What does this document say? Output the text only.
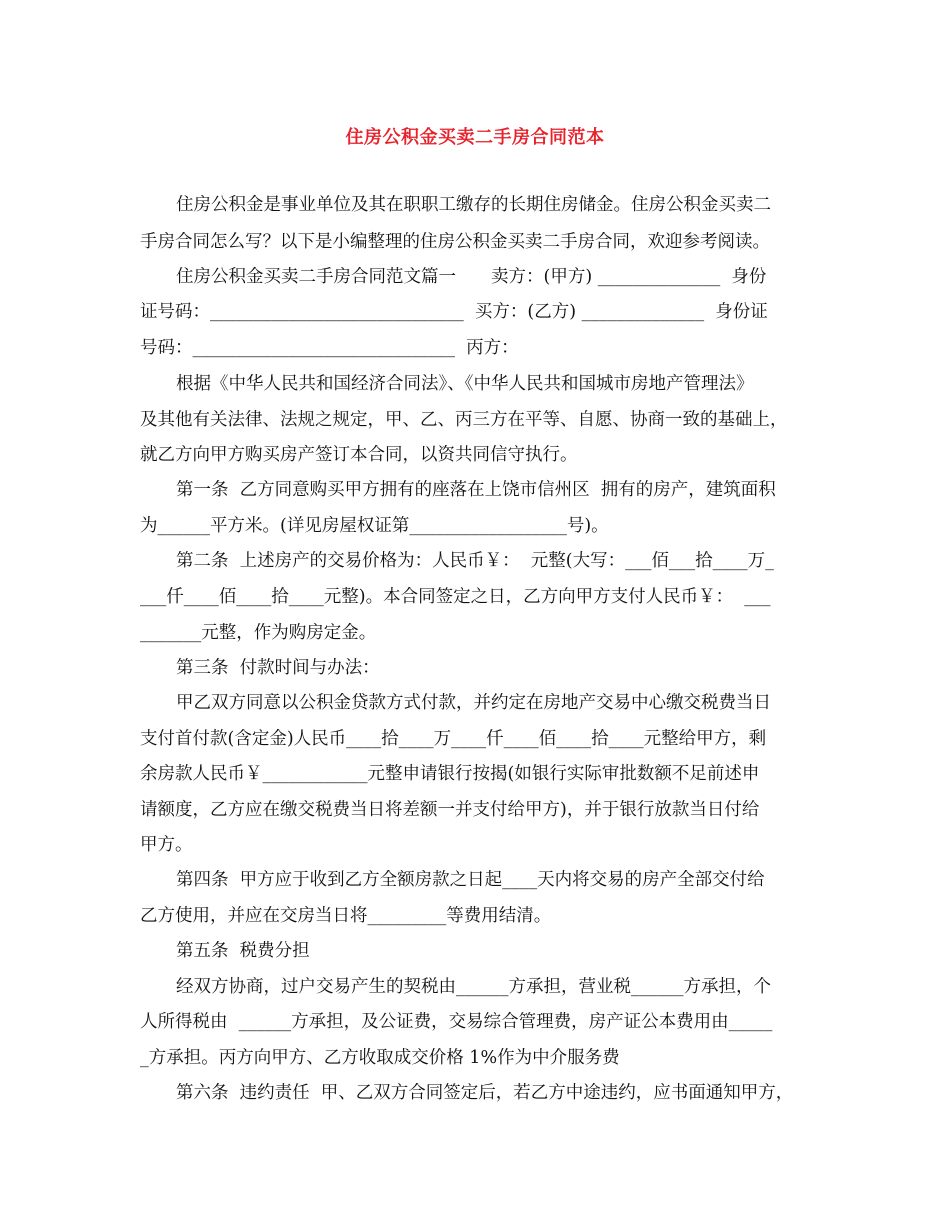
住房公积金买卖二手房合同范本
住房公积金是事业单位及其在职职工缴存的长期住房储金。住房公积金买卖二
手房合同怎么写？以下是小编整理的住房公积金买卖二手房合同，欢迎参考阅读。
住房公积金买卖二手房合同范文篇一　　卖方：(甲方) ______________  身份
证号码：_____________________________  买方：(乙方) ______________  身份证
号码：______________________________  丙方：
根据《中华人民共和国经济合同法》、《中华人民共和国城市房地产管理法》
及其他有关法律、法规之规定，甲、乙、丙三方在平等、自愿、协商一致的基础上，
就乙方向甲方购买房产签订本合同，以资共同信守执行。
第一条  乙方同意购买甲方拥有的座落在上饶市信州区  拥有的房产，建筑面积
为______平方米。(详见房屋权证第__________________号)。
第二条  上述房产的交易价格为：人民币￥：  元整(大写：___佰___拾____万_
___仟____佰____拾____元整)。本合同签定之日，乙方向甲方支付人民币￥：  ___
_______元整，作为购房定金。
第三条  付款时间与办法：
甲乙双方同意以公积金贷款方式付款，并约定在房地产交易中心缴交税费当日
支付首付款(含定金)人民币____拾____万____仟____佰____拾____元整给甲方，剩
余房款人民币￥____________元整申请银行按揭(如银行实际审批数额不足前述申
请额度，乙方应在缴交税费当日将差额一并支付给甲方)，并于银行放款当日付给
甲方。
第四条  甲方应于收到乙方全额房款之日起____天内将交易的房产全部交付给
乙方使用，并应在交房当日将_________等费用结清。
第五条  税费分担
经双方协商，过户交易产生的契税由______方承担，营业税______方承担，个
人所得税由  ______方承担，及公证费，交易综合管理费，房产证公本费用由_____
_方承担。丙方向甲方、乙方收取成交价格 1%作为中介服务费
第六条  违约责任  甲、乙双方合同签定后，若乙方中途违约，应书面通知甲方，
